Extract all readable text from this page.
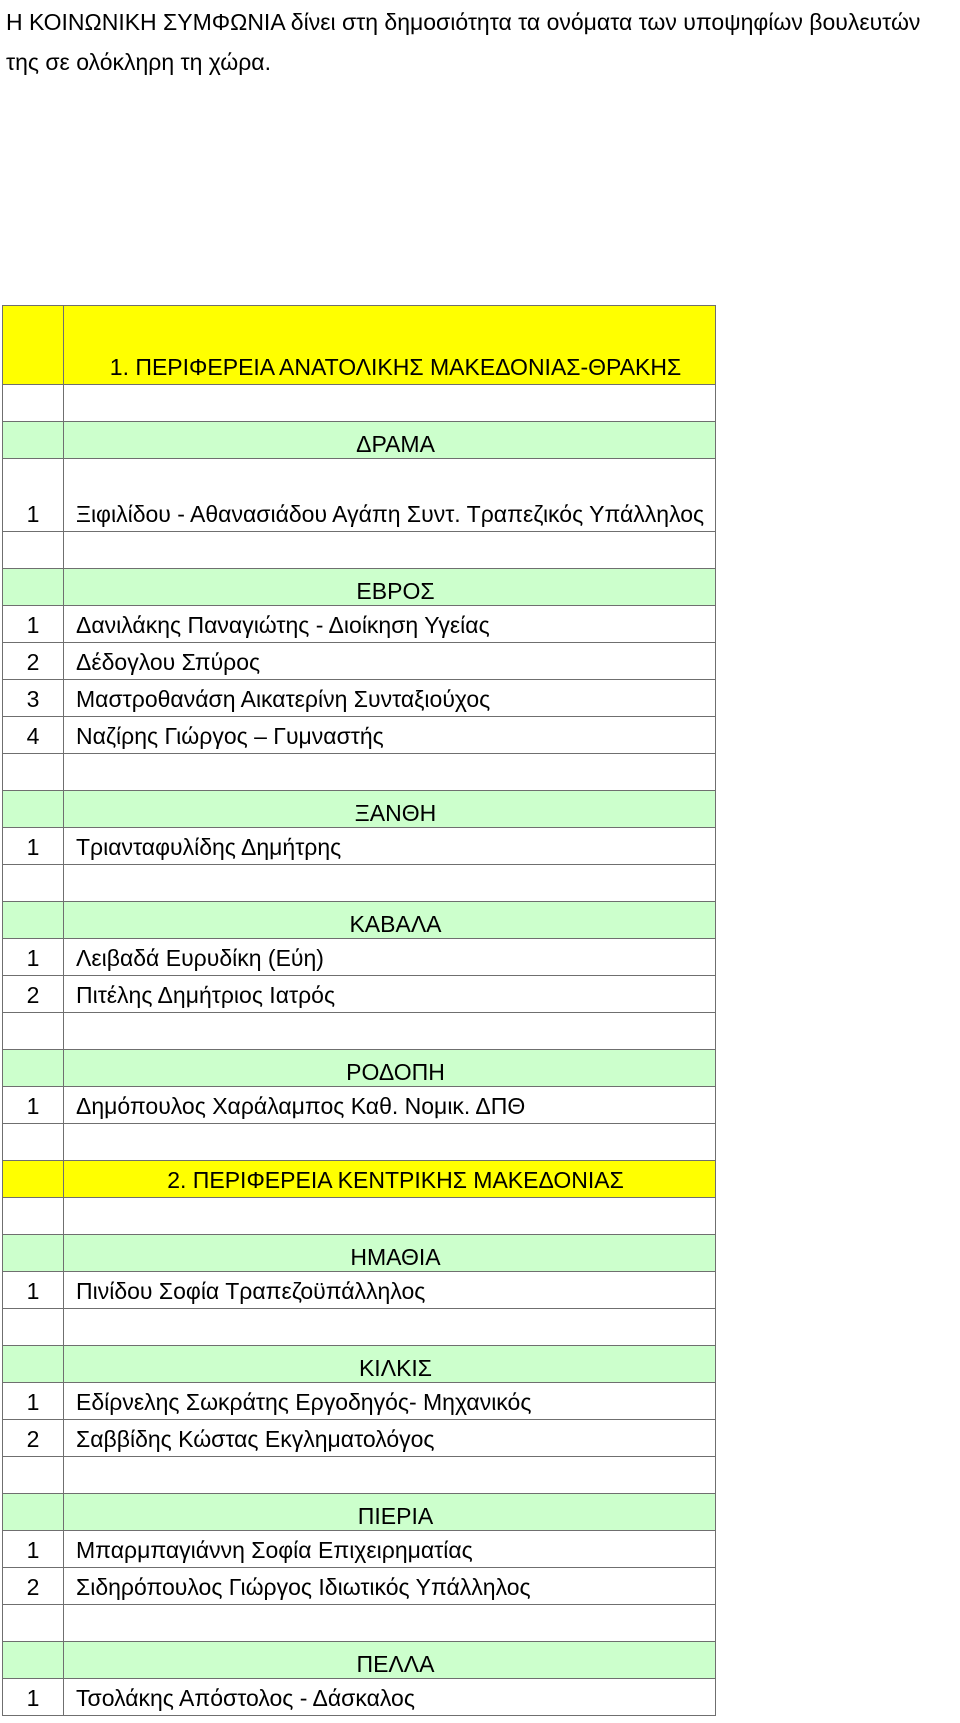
Η ΚΟΙΝΩΝΙΚΗ ΣΥΜΦΩΝΙΑ δίνει στη δημοσιότητα τα ονόματα των υποψηφίων βουλευτών της σε ολόκληρη τη χώρα.

	1. ΠΕΡΙΦΕΡΕΙΑ ΑΝΑΤΟΛΙΚΗΣ ΜΑΚΕΔΟΝΙΑΣ-ΘΡΑΚΗΣ

	ΔΡΑΜΑ
1	Ξιφιλίδου - Αθανασιάδου Αγάπη Συντ. Τραπεζικός Υπάλληλος

	ΕΒΡΟΣ
1	Δανιλάκης Παναγιώτης - Διοίκηση Υγείας
2	Δέδογλου Σπύρος
3	Μαστροθανάση Αικατερίνη Συνταξιούχος
4	Ναζίρης Γιώργος – Γυμναστής

	ΞΑΝΘΗ
1	Τριανταφυλίδης Δημήτρης

	ΚΑΒΑΛΑ
1	Λειβαδά Ευρυδίκη (Εύη)
2	Πιτέλης Δημήτριος Ιατρός

	ΡΟΔΟΠΗ
1	Δημόπουλος Χαράλαμπος Καθ. Νομικ. ΔΠΘ

	2. ΠΕΡΙΦΕΡΕΙΑ ΚΕΝΤΡΙΚΗΣ ΜΑΚΕΔΟΝΙΑΣ

	ΗΜΑΘΙΑ
1	Πινίδου Σοφία Τραπεζοϋπάλληλος

	ΚΙΛΚΙΣ
1	Εδίρνελης Σωκράτης Εργοδηγός- Μηχανικός
2	Σαββίδης Κώστας Εκγληματολόγος

	ΠΙΕΡΙΑ
1	Μπαρμπαγιάννη Σοφία Επιχειρηματίας
2	Σιδηρόπουλος Γιώργος Ιδιωτικός Υπάλληλος

	ΠΕΛΛΑ
1	Τσολάκης Απόστολος - Δάσκαλος
